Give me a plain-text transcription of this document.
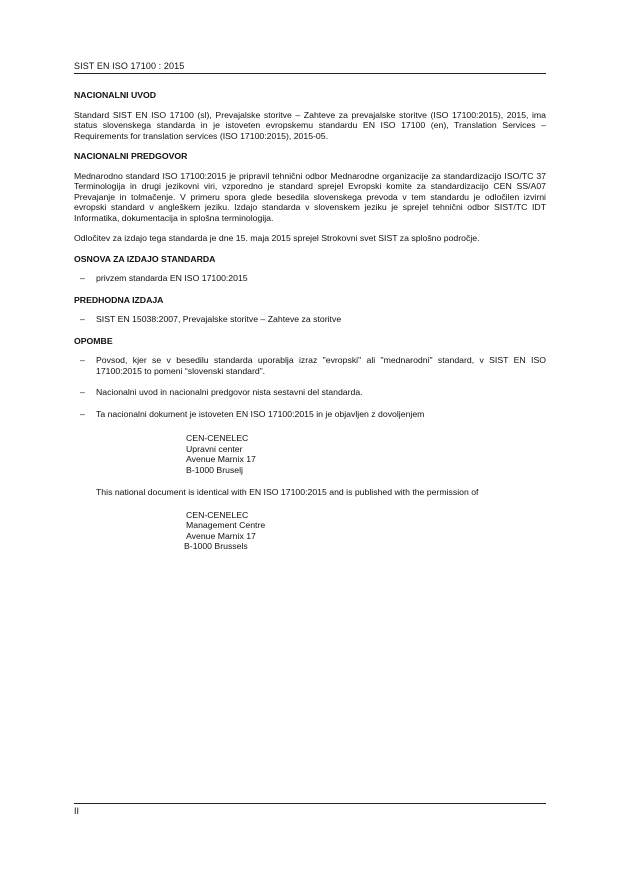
SIST EN ISO 17100 : 2015
NACIONALNI UVOD
Standard SIST EN ISO 17100 (sl), Prevajalske storitve – Zahteve za prevajalske storitve (ISO 17100:2015), 2015, ima status slovenskega standarda in je istoveten evropskemu standardu EN ISO 17100 (en), Translation Services – Requirements for translation services (ISO 17100:2015), 2015-05.
NACIONALNI PREDGOVOR
Mednarodno standard ISO 17100:2015 je pripravil tehnični odbor Mednarodne organizacije za standardizacijo ISO/TC 37 Terminologija in drugi jezikovni viri, vzporedno je standard sprejel Evropski komite za standardizacijo CEN SS/A07 Prevajanje in tolmačenje. V primeru spora glede besedila slovenskega prevoda v tem standardu je odločilen izvirni evropski standard v angleškem jeziku. Izdajo standarda v slovenskem jeziku je sprejel tehnični odbor SIST/TC IDT Informatika, dokumentacija in splošna terminologija.
Odločitev za izdajo tega standarda je dne 15. maja 2015 sprejel Strokovni svet SIST za splošno področje.
OSNOVA ZA IZDAJO STANDARDA
– privzem standarda EN ISO 17100:2015
PREDHODNA IZDAJA
– SIST EN 15038:2007, Prevajalske storitve – Zahteve za storitve
OPOMBE
– Povsod, kjer se v besedilu standarda uporablja izraz "evropski" ali "mednarodni" standard, v SIST EN ISO 17100:2015 to pomeni “slovenski standard”.
– Nacionalni uvod in nacionalni predgovor nista sestavni del standarda.
– Ta nacionalni dokument je istoveten EN ISO 17100:2015 in je objavljen z dovoljenjem
CEN-CENELEC
Upravni center
Avenue Marnix 17
B-1000 Bruselj
This national document is identical with EN ISO 17100:2015 and is published with the permission of
CEN-CENELEC
Management Centre
Avenue Marnix 17
B-1000 Brussels
II
